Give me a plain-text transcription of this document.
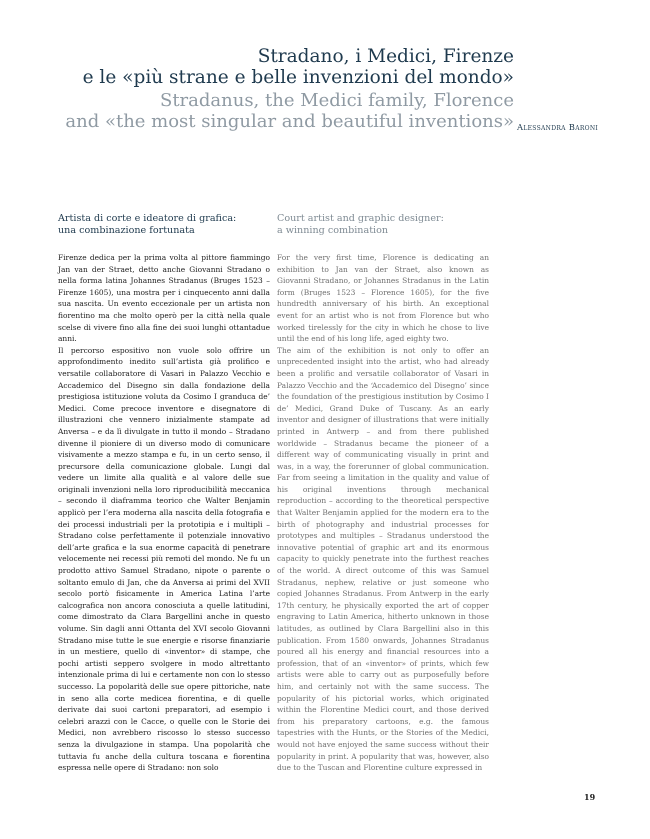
Stradano, i Medici, Firenze
e le «più strane e belle invenzioni del mondo»
Stradanus, the Medici family, Florence
and «the most singular and beautiful inventions» Alessandra Baroni
Artista di corte e ideatore di grafica:
una combinazione fortunata

Firenze dedica per la prima volta al pittore fiammingo Jan van der Straet, detto anche Giovanni Stradano o nella forma latina Johannes Stradanus (Bruges 1523 – Firenze 1605), una mostra per i cinquecento anni dalla sua nascita. Un evento eccezionale per un artista non fiorentino ma che molto operò per la città nella quale scelse di vivere fino alla fine dei suoi lunghi ottantadue anni.

Il percorso espositivo non vuole solo offrire un approfondimento inedito sull’artista già prolifico e versatile collaboratore di Vasari in Palazzo Vecchio e Accademico del Disegno sin dalla fondazione della prestigiosa istituzione voluta da Cosimo I granduca de’ Medici. Come precoce inventore e disegnatore di illustrazioni che vennero inizialmente stampate ad Anversa – e da lì divulgate in tutto il mondo – Stradano divenne il pioniere di un diverso modo di comunicare visivamente a mezzo stampa e fu, in un certo senso, il precursore della comunicazione globale. Lungi dal vedere un limite alla qualità e al valore delle sue originali invenzioni nella loro riproducibilità meccanica – secondo il diaframma teorico che Walter Benjamin applicò per l’era moderna alla nascita della fotografia e dei processi industriali per la prototipia e i multipli – Stradano colse perfettamente il potenziale innovativo dell’arte grafica e la sua enorme capacità di penetrare velocemente nei recessi più remoti del mondo. Ne fu un prodotto attivo Samuel Stradano, nipote o parente o soltanto emulo di Jan, che da Anversa ai primi del XVII secolo portò fisicamente in America Latina l’arte calcografica non ancora conosciuta a quelle latitudini, come dimostrato da Clara Bargellini anche in questo volume. Sin dagli anni Ottanta del XVI secolo Giovanni Stradano mise tutte le sue energie e risorse finanziarie in un mestiere, quello di «inventor» di stampe, che pochi artisti seppero svolgere in modo altrettanto intenzionale prima di lui e certamente non con lo stesso successo. La popolarità delle sue opere pittoriche, nate in seno alla corte medicea fiorentina, e di quelle derivate dai suoi cartoni preparatori, ad esempio i celebri arazzi con le Cacce, o quelle con le Storie dei Medici, non avrebbero riscosso lo stesso successo senza la divulgazione in stampa. Una popolarità che tuttavia fu anche della cultura toscana e fiorentina espressa nelle opere di Stradano: non solo

Court artist and graphic designer:
a winning combination

For the very first time, Florence is dedicating an exhibition to Jan van der Straet, also known as Giovanni Stradano, or Johannes Stradanus in the Latin form (Bruges 1523 – Florence 1605), for the five hundredth anniversary of his birth. An exceptional event for an artist who is not from Florence but who worked tirelessly for the city in which he chose to live until the end of his long life, aged eighty two.

The aim of the exhibition is not only to offer an unprecedented insight into the artist, who had already been a prolific and versatile collaborator of Vasari in Palazzo Vecchio and the ‘Accademico del Disegno’ since the foundation of the prestigious institution by Cosimo I de’ Medici, Grand Duke of Tuscany. As an early inventor and designer of illustrations that were initially printed in Antwerp – and from there published worldwide – Stradanus became the pioneer of a different way of communicating visually in print and was, in a way, the forerunner of global communication. Far from seeing a limitation in the quality and value of his original inventions through mechanical reproduction – according to the theoretical perspective that Walter Benjamin applied for the modern era to the birth of photography and industrial processes for prototypes and multiples – Stradanus understood the innovative potential of graphic art and its enormous capacity to quickly penetrate into the furthest reaches of the world. A direct outcome of this was Samuel Stradanus, nephew, relative or just someone who copied Johannes Stradanus. From Antwerp in the early 17th century, he physically exported the art of copper engraving to Latin America, hitherto unknown in those latitudes, as outlined by Clara Bargellini also in this publication. From 1580 onwards, Johannes Stradanus poured all his energy and financial resources into a profession, that of an «inventor» of prints, which few artists were able to carry out as purposefully before him, and certainly not with the same success. The popularity of his pictorial works, which originated within the Florentine Medici court, and those derived from his preparatory cartoons, e.g. the famous tapestries with the Hunts, or the Stories of the Medici, would not have enjoyed the same success without their popularity in print. A popularity that was, however, also due to the Tuscan and Florentine culture expressed in

19
